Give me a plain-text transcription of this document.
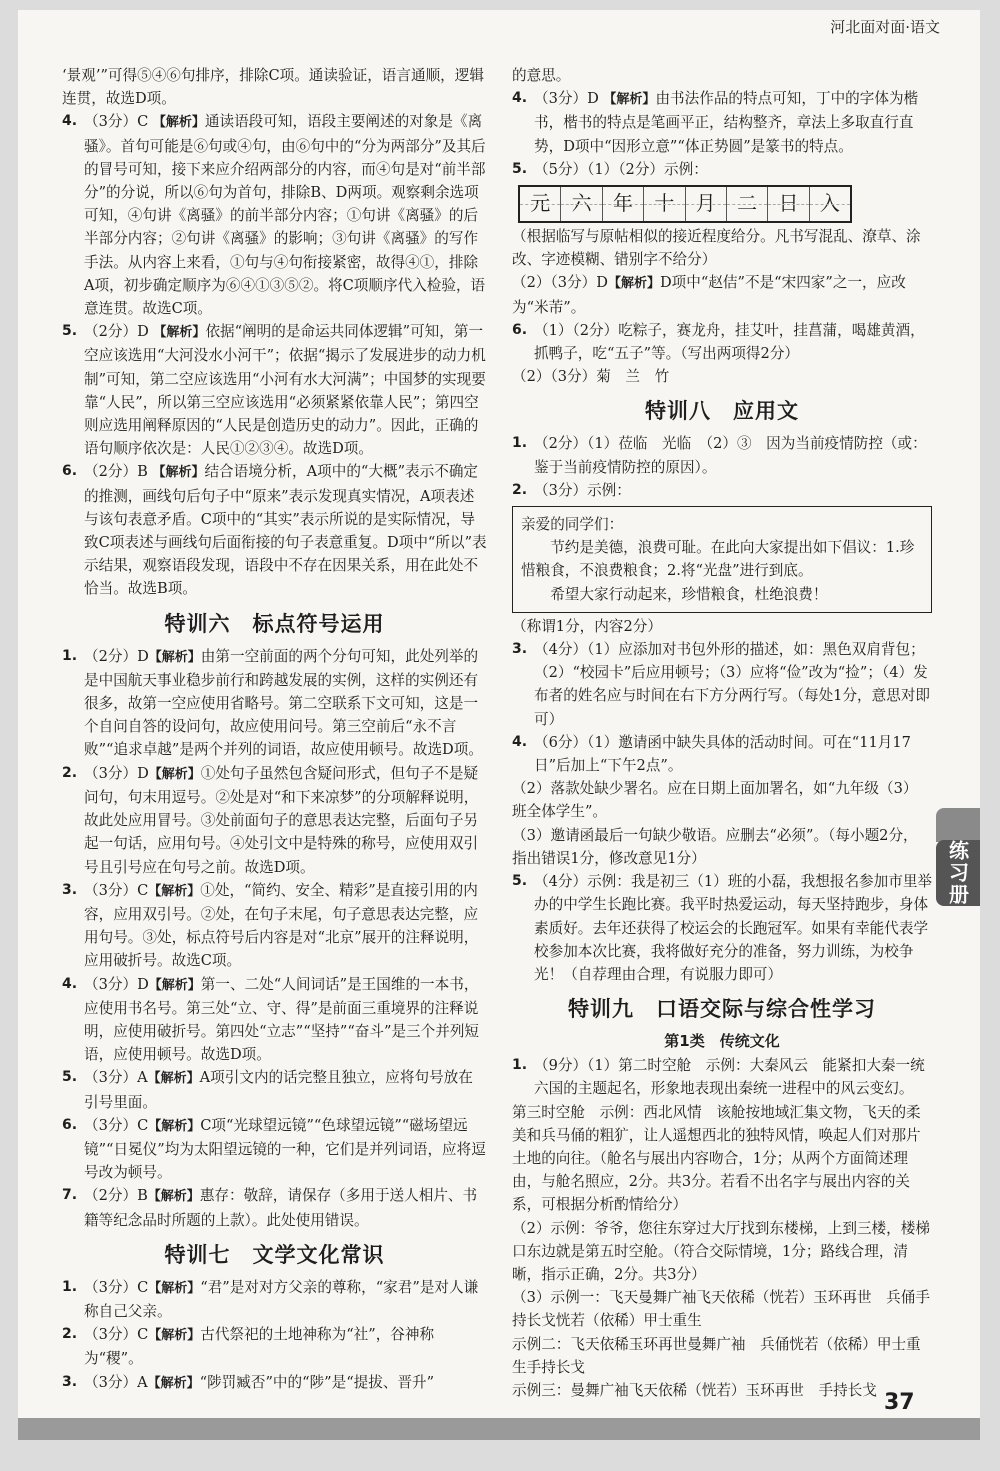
河北面对面·语文

‘景观’”可得⑤④⑥句排序，排除C项。通读验证，语言通顺，逻辑连贯，故选D项。

4. （3分）C 【解析】通读语段可知，语段主要阐述的对象是《离骚》。首句可能是⑥句或④句，由⑥句中的“分为两部分”及其后的冒号可知，接下来应介绍两部分的内容，而④句是对“前半部分”的分说，所以⑥句为首句，排除B、D两项。观察剩余选项可知，④句讲《离骚》的前半部分内容；①句讲《离骚》的后半部分内容；②句讲《离骚》的影响；③句讲《离骚》的写作手法。从内容上来看，①句与④句衔接紧密，故得④①，排除A项，初步确定顺序为⑥④①③⑤②。将C项顺序代入检验，语意连贯。故选C项。
5. （2分）D 【解析】依据“阐明的是命运共同体逻辑”可知，第一空应该选用“大河没水小河干”；依据“揭示了发展进步的动力机制”可知，第二空应该选用“小河有水大河满”；中国梦的实现要靠“人民”，所以第三空应该选用“必须紧紧依靠人民”；第四空则应选用阐释原因的“人民是创造历史的动力”。因此，正确的语句顺序依次是：人民①②③④。故选D项。
6. （2分）B 【解析】结合语境分析，A项中的“大概”表示不确定的推测，画线句后句子中“原来”表示发现真实情况，A项表述与该句表意矛盾。C项中的“其实”表示所说的是实际情况，导致C项表述与画线句后面衔接的句子表意重复。D项中“所以”表示结果，观察语段发现，语段中不存在因果关系，用在此处不恰当。故选B项。
特训六　标点符号运用
1. （2分）D【解析】由第一空前面的两个分句可知，此处列举的是中国航天事业稳步前行和跨越发展的实例，这样的实例还有很多，故第一空应使用省略号。第二空联系下文可知，这是一个自问自答的设问句，故应使用问号。第三空前后“永不言败”“追求卓越”是两个并列的词语，故应使用顿号。故选D项。
2. （3分）D【解析】①处句子虽然包含疑问形式，但句子不是疑问句，句末用逗号。②处是对“和下来凉梦”的分项解释说明，故此处应用冒号。③处前面句子的意思表达完整，后面句子另起一句话，应用句号。④处引文中是特殊的称号，应使用双引号且引号应在句号之前。故选D项。
3. （3分）C【解析】①处，“简约、安全、精彩”是直接引用的内容，应用双引号。②处，在句子末尾，句子意思表达完整，应用句号。③处，标点符号后内容是对“北京”展开的注释说明，应用破折号。故选C项。
4. （3分）D【解析】第一、二处“人间词话”是王国维的一本书，应使用书名号。第三处“立、守、得”是前面三重境界的注释说明，应使用破折号。第四处“立志”“坚持”“奋斗”是三个并列短语，应使用顿号。故选D项。
5. （3分）A【解析】A项引文内的话完整且独立，应将句号放在引号里面。
6. （3分）C【解析】C项“光球望远镜”“色球望远镜”“磁场望远镜”“日冕仪”均为太阳望远镜的一种，它们是并列词语，应将逗号改为顿号。
7. （2分）B【解析】惠存：敬辞，请保存（多用于送人相片、书籍等纪念品时所题的上款）。此处使用错误。
特训七　文学文化常识
1. （3分）C【解析】“君”是对对方父亲的尊称，“家君”是对人谦称自己父亲。
2. （3分）C【解析】古代祭祀的土地神称为“社”，谷神称为“稷”。
3. （3分）A【解析】“陟罚臧否”中的“陟”是“提拔、晋升”

的意思。

4. （3分）D 【解析】由书法作品的特点可知，丁中的字体为楷书，楷书的特点是笔画平正，结构整齐，章法上多取直行直势，D项中“因形立意”“体正势圆”是篆书的特点。
5. （5分）（1）（2分）示例：
元	六	年	十	月	二	日	入

（根据临写与原帖相似的接近程度给分。凡书写混乱、潦草、涂改、字迹模糊、错别字不给分）

（2）（3分）D【解析】D项中“赵佶”不是“宋四家”之一，应改为“米芾”。

6. （1）（2分）吃粽子，赛龙舟，挂艾叶，挂菖蒲，喝雄黄酒，抓鸭子，吃“五子”等。（写出两项得2分）

（2）（3分）菊　兰　竹

特训八　应用文
1. （2分）（1）莅临　光临　（2）③　因为当前疫情防控（或：鉴于当前疫情防控的原因）。
2. （3分）示例：

亲爱的同学们：

节约是美德，浪费可耻。在此向大家提出如下倡议：1.珍惜粮食，不浪费粮食；2.将“光盘”进行到底。

希望大家行动起来，珍惜粮食，杜绝浪费！

（称谓1分，内容2分）

3. （4分）（1）应添加对书包外形的描述，如：黑色双肩背包；（2）“校园卡”后应用顿号；（3）应将“俭”改为“捡”；（4）发布者的姓名应与时间在右下方分两行写。（每处1分，意思对即可）
4. （6分）（1）邀请函中缺失具体的活动时间。可在“11月17日”后加上“下午2点”。

（2）落款处缺少署名。应在日期上面加署名，如“九年级（3）班全体学生”。

（3）邀请函最后一句缺少敬语。应删去“必须”。（每小题2分，指出错误1分，修改意见1分）

5. （4分）示例：我是初三（1）班的小磊，我想报名参加市里举办的中学生长跑比赛。我平时热爱运动，每天坚持跑步，身体素质好。去年还获得了校运会的长跑冠军。如果有幸能代表学校参加本次比赛，我将做好充分的准备，努力训练，为校争光！（自荐理由合理，有说服力即可）
特训九　口语交际与综合性学习
第1类　传统文化
1. （9分）（1）第二时空舱　示例：大秦风云　能紧扣大秦一统六国的主题起名，形象地表现出秦统一进程中的风云变幻。

第三时空舱　示例：西北风情　该舱按地域汇集文物，飞天的柔美和兵马俑的粗犷，让人遥想西北的独特风情，唤起人们对那片土地的向往。（舱名与展出内容吻合，1分；从两个方面简述理由，与舱名照应，2分。共3分。若看不出名字与展出内容的关系，可根据分析酌情给分）

（2）示例：爷爷，您往东穿过大厅找到东楼梯，上到三楼，楼梯口东边就是第五时空舱。（符合交际情境，1分；路线合理，清晰，指示正确，2分。共3分）

（3）示例一：飞天曼舞广袖飞天依稀（恍若）玉环再世　兵俑手持长戈恍若（依稀）甲士重生

示例二：飞天依稀玉环再世曼舞广袖　兵俑恍若（依稀）甲士重生手持长戈

示例三：曼舞广袖飞天依稀（恍若）玉环再世　手持长戈

练习册
37
